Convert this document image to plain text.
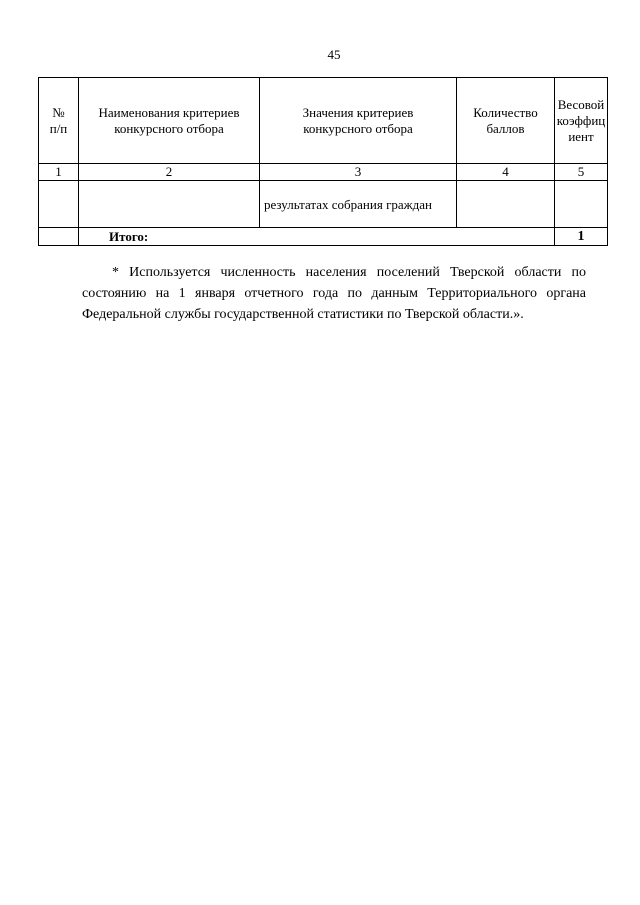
45
№
п/п	Наименования критериев конкурсного отбора	Значения критериев конкурсного отбора	Количество баллов	Весовой коэффициент

1	2	3	4	5
		результатах собрания граждан		
	Итого:			1

* Используется численность населения поселений Тверской области по состоянию на 1 января отчетного года по данным Территориального органа Федеральной службы государственной статистики по Тверской области.».
